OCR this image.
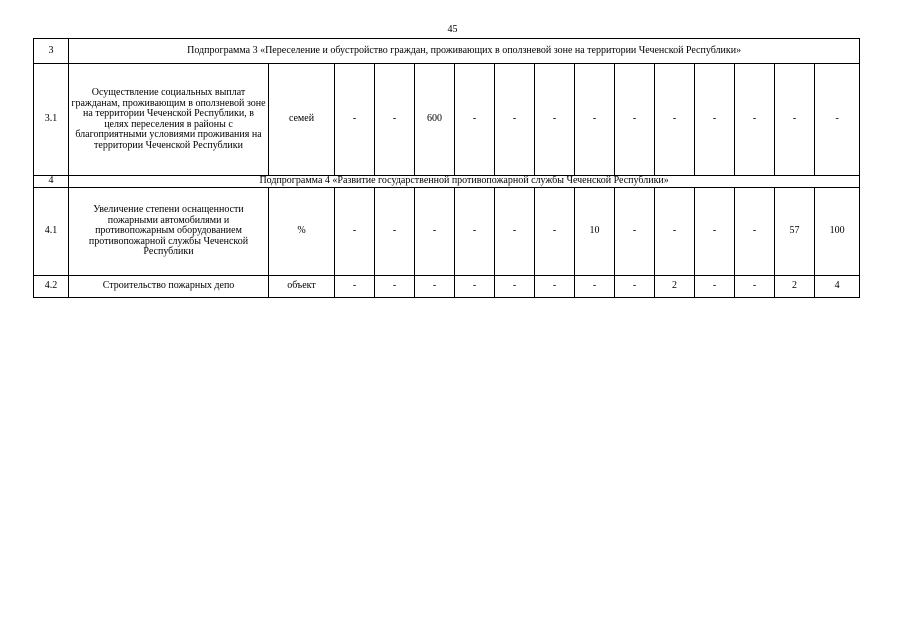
45
3	Подпрограмма 3 «Переселение и обустройство граждан, проживающих в оползневой зоне на территории Чеченской Республики»														
3.1	Осуществление социальных выплат гражданам, проживающим в оползневой зоне на территории Чеченской Республики, в целях переселения в районы с благоприятными условиями проживания на территории Чеченской Республики	семей	-	-	600	-	-	-	-	-	-	-	-	-	-
4	Подпрограмма 4 «Развитие государственной противопожарной службы Чеченской Республики»														
4.1	Увеличение степени оснащенности пожарными автомобилями и противопожарным оборудованием противопожарной службы Чеченской Республики	%	-	-	-	-	-	-	10	-	-	-	-	57	100
4.2	Строительство пожарных депо	объект	-	-	-	-	-	-	-	-	2	-	-	2	4
